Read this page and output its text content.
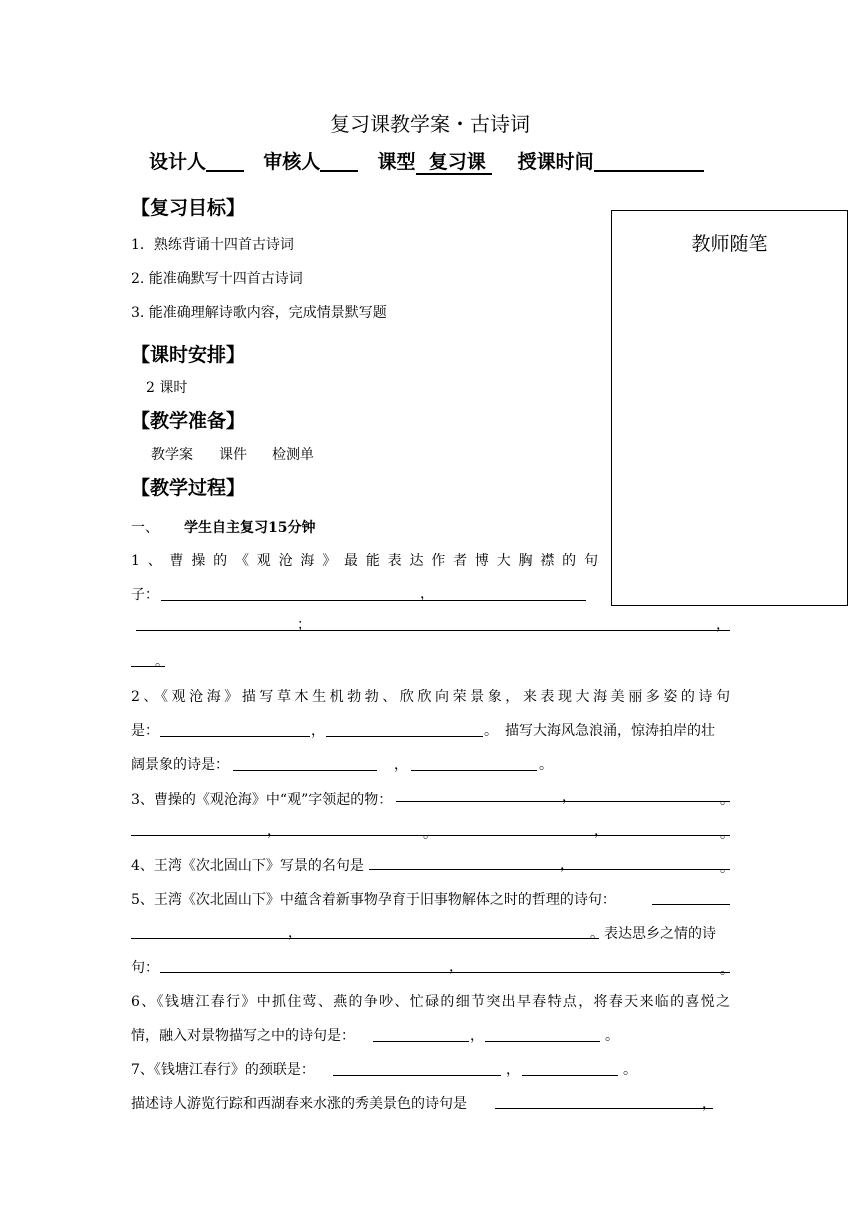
复习课教学案・古诗词
设计人	审核人	课型 复习课 授课时间
教师随笔
【复习目标】
1．熟练背诵十四首古诗词
2. 能准确默写十四首古诗词
3. 能准确理解诗歌内容，完成情景默写题
【课时安排】
2 课时
【教学准备】
教学案 课件 检测单
【教学过程】
一、 学生自主复习15分钟
1、曹操的《观沧海》最能表达作者博大胸襟的句
子：	，
；	，
。
2、《观沧海》描写草木生机勃勃、欣欣向荣景象，来表现大海美丽多姿的诗句
是：	，	。 描写大海风急浪涌，惊涛拍岸的壮
阔景象的诗是：	，	。
3、曹操的《观沧海》中“观”字领起的物：	，	。
，	。	，	。
4、王湾《次北固山下》写景的名句是	，	。
5、王湾《次北固山下》中蕴含着新事物孕育于旧事物解体之时的哲理的诗句：
，	。 表达思乡之情的诗
句：	，	。
6、《钱塘江春行》中抓住莺、燕的争吵、忙碌的细节突出早春特点，将春天来临的喜悦之
情，融入对景物描写之中的诗句是：	，	。
7、《钱塘江春行》的颈联是：	，	。
描述诗人游览行踪和西湖春来水涨的秀美景色的诗句是	，
